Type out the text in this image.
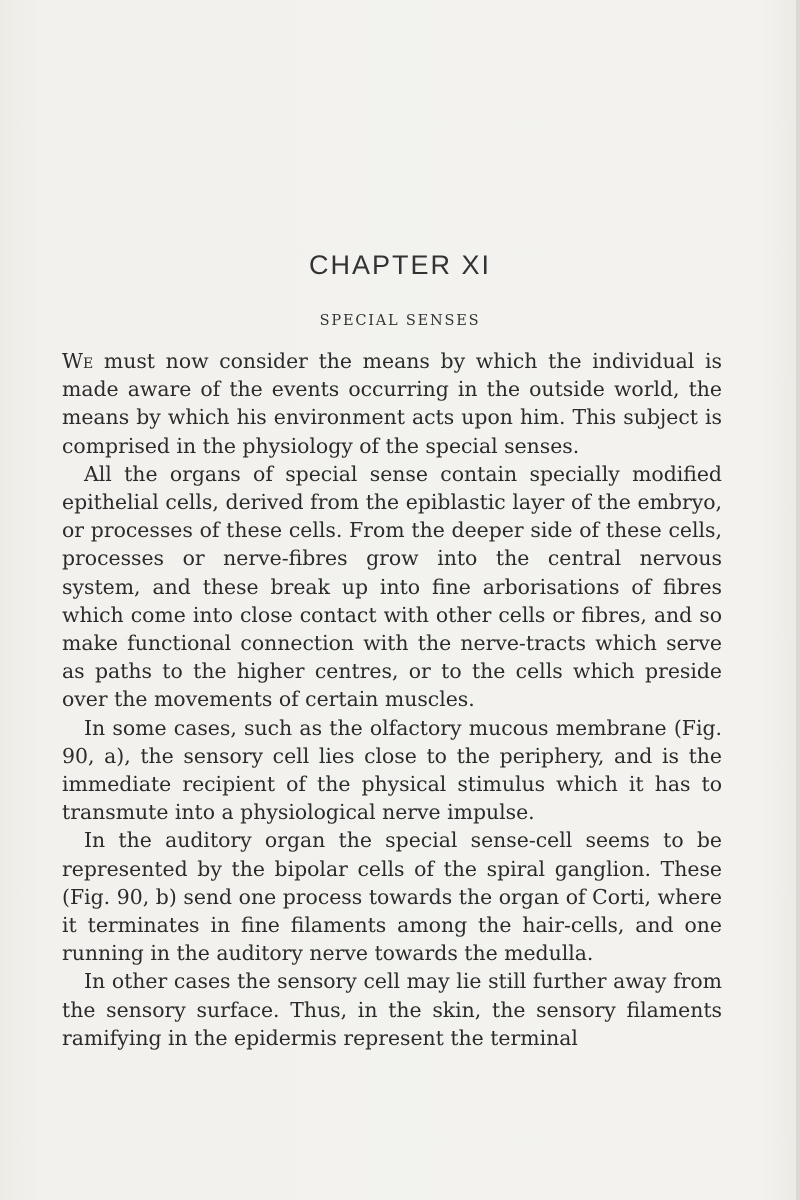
CHAPTER XI
SPECIAL SENSES

We must now consider the means by which the individual is made aware of the events occurring in the outside world, the means by which his environment acts upon him. This subject is comprised in the physiology of the special senses.

All the organs of special sense contain specially modified epithelial cells, derived from the epiblastic layer of the embryo, or processes of these cells. From the deeper side of these cells, processes or nerve-fibres grow into the central nervous system, and these break up into fine arborisations of fibres which come into close contact with other cells or fibres, and so make functional connection with the nerve-tracts which serve as paths to the higher centres, or to the cells which preside over the movements of certain muscles.

In some cases, such as the olfactory mucous membrane (Fig. 90, a), the sensory cell lies close to the periphery, and is the immediate recipient of the physical stimulus which it has to transmute into a physiological nerve impulse.

In the auditory organ the special sense-cell seems to be represented by the bipolar cells of the spiral ganglion. These (Fig. 90, b) send one process towards the organ of Corti, where it terminates in fine filaments among the hair-cells, and one running in the auditory nerve towards the medulla.

In other cases the sensory cell may lie still further away from the sensory surface. Thus, in the skin, the sensory filaments ramifying in the epidermis represent the terminal
